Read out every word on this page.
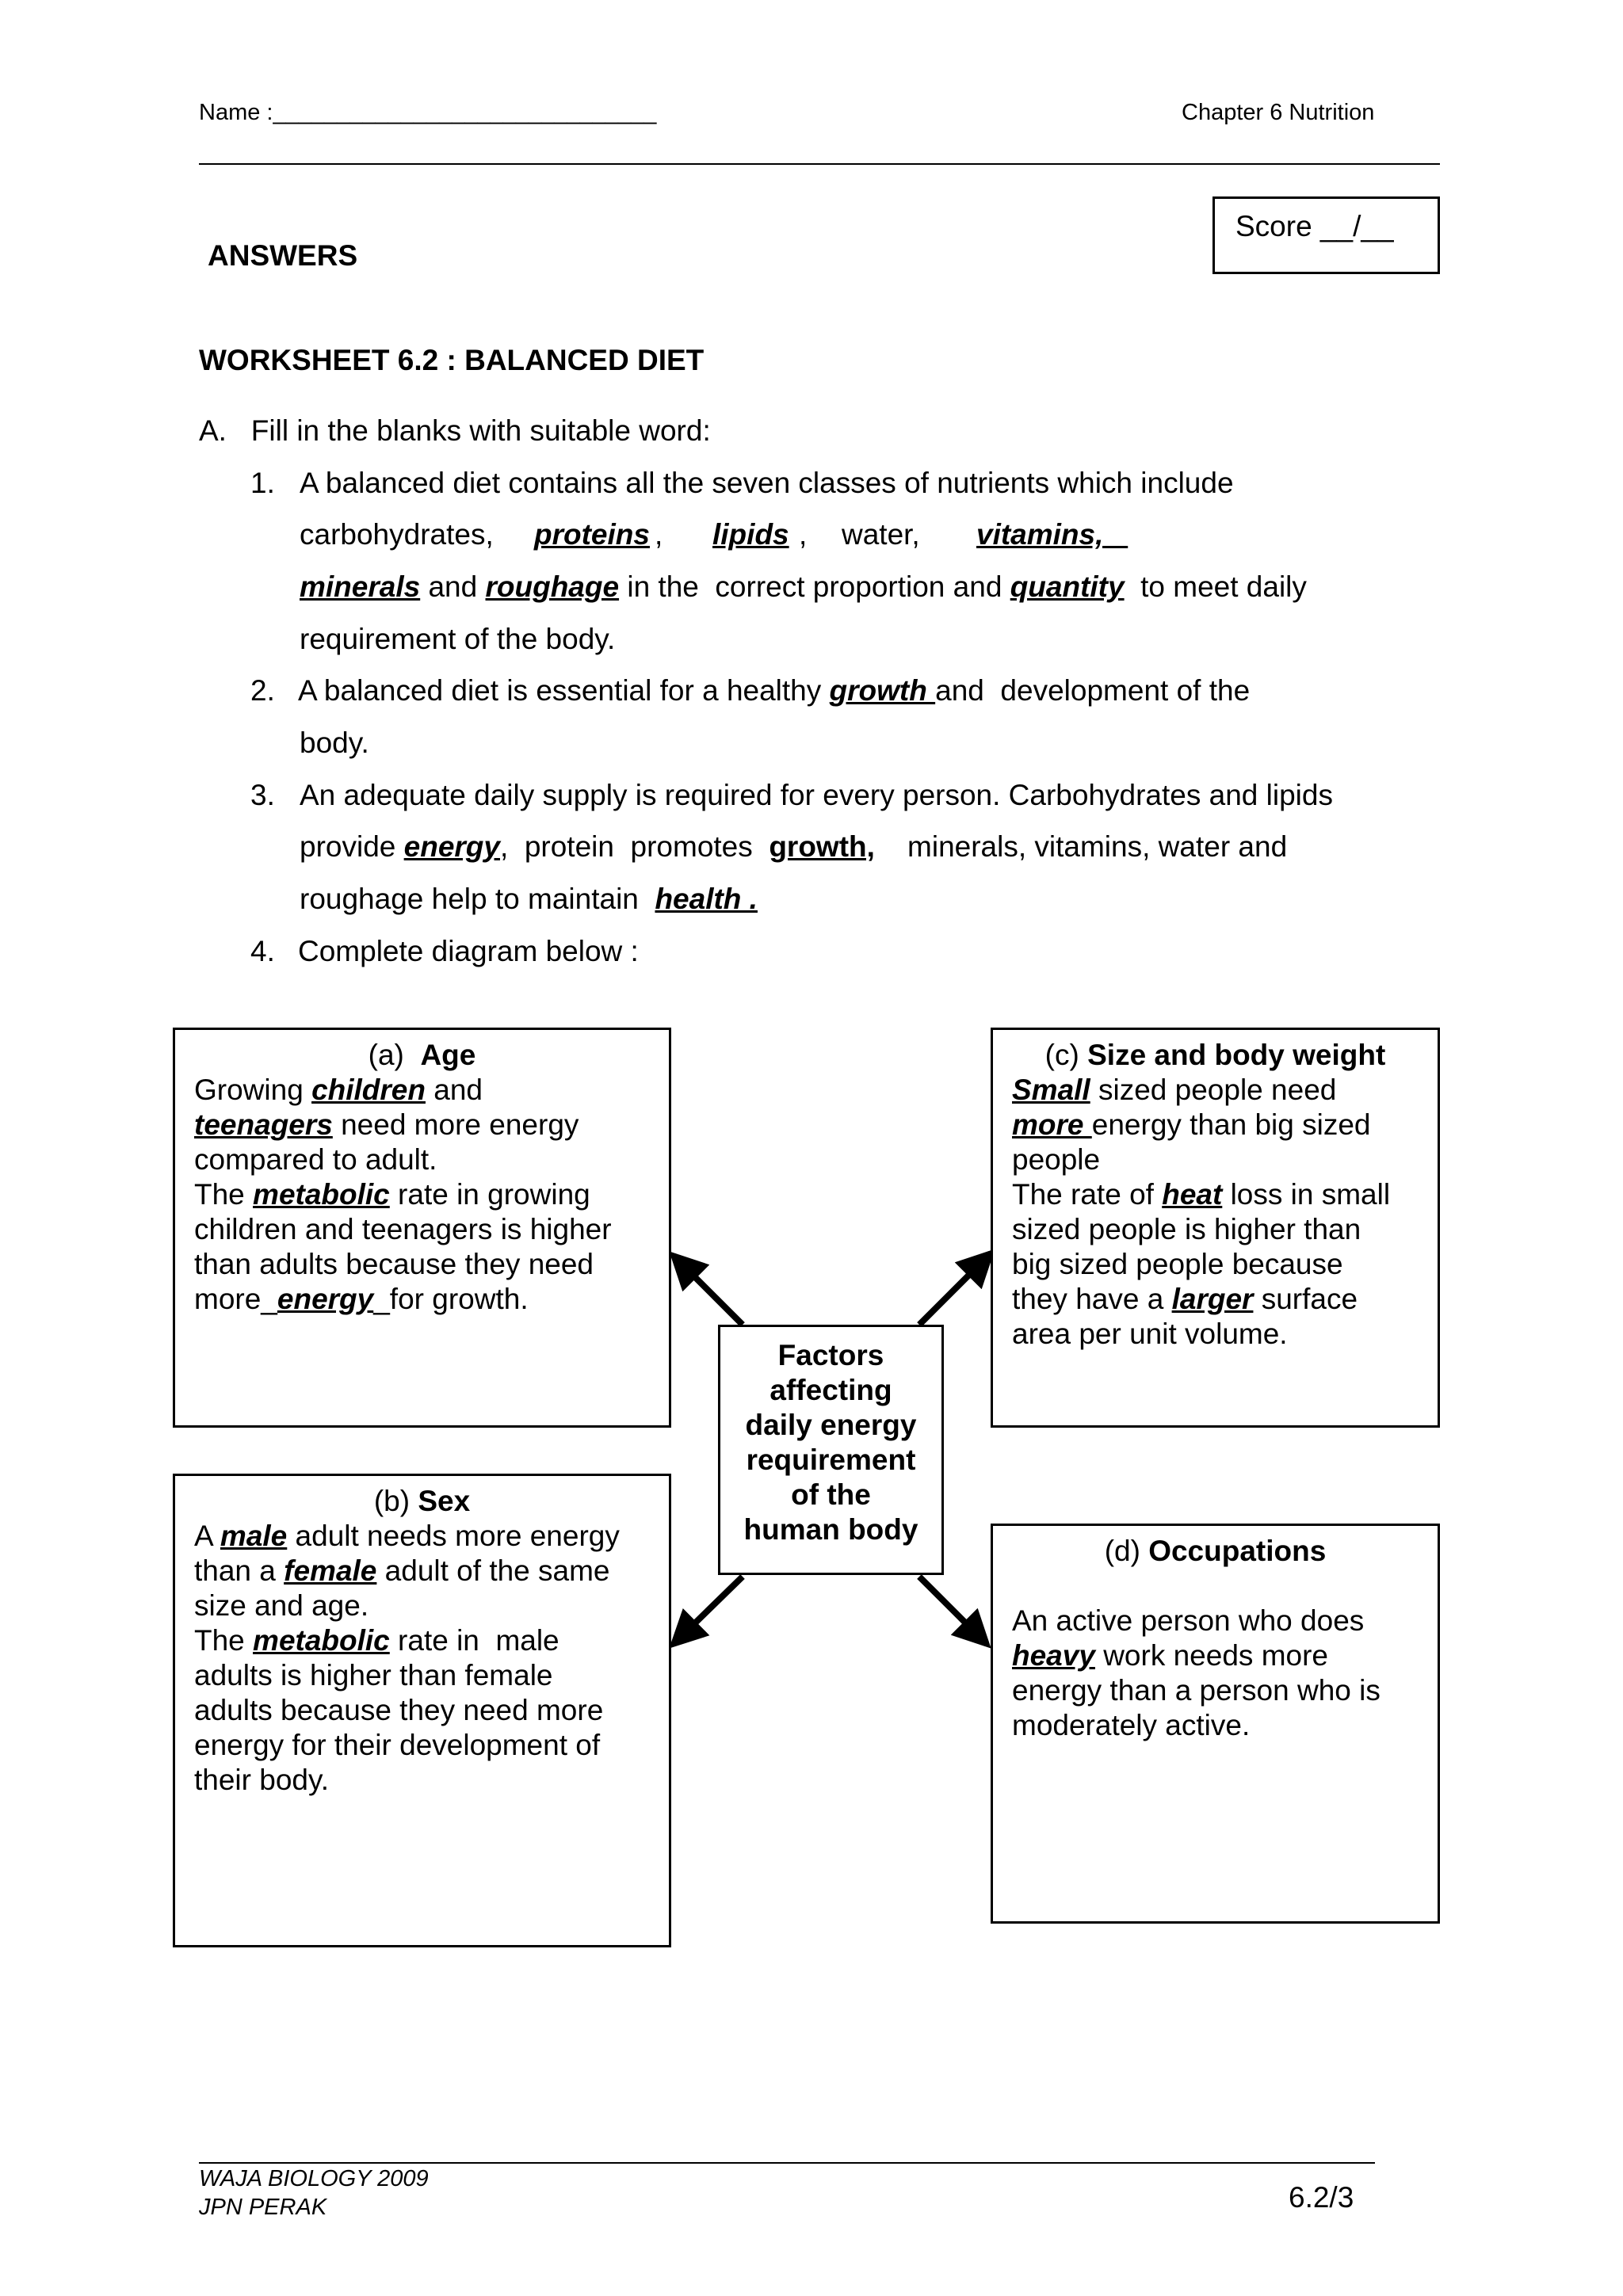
Name :______________________________	Chapter 6 Nutrition
Score __/__
ANSWERS
WORKSHEET 6.2 : BALANCED DIET
A.   Fill in the blanks with suitable word:
1. A balanced diet contains all the seven classes of nutrients which include
carbohydrates, proteins , lipids , water, vitamins,
minerals and roughage in the  correct proportion and quantity  to meet daily
requirement of the body.
2. A balanced diet is essential for a healthy growth and  development of the
body.
3. An adequate daily supply is required for every person. Carbohydrates and lipids
provide energy,  protein  promotes  growth,    minerals, vitamins, water and
roughage help to maintain  health .
4. Complete diagram below :
Factors
affecting
daily energy
requirement
of the
human body
(a)  Age
Growing children and
teenagers need more energy
compared to adult.
The metabolic rate in growing
children and teenagers is higher
than adults because they need
more_energy_for growth.
(b) Sex
A male adult needs more energy
than a female adult of the same
size and age.
The metabolic rate in  male
adults is higher than female
adults because they need more
energy for their development of
their body.
(c) Size and body weight
Small sized people need
more energy than big sized
people
The rate of heat loss in small
sized people is higher than
big sized people because
they have a larger surface
area per unit volume.
(d) Occupations
An active person who does
heavy work needs more
energy than a person who is
moderately active.
WAJA BIOLOGY 2009
JPN PERAK	6.2/3
